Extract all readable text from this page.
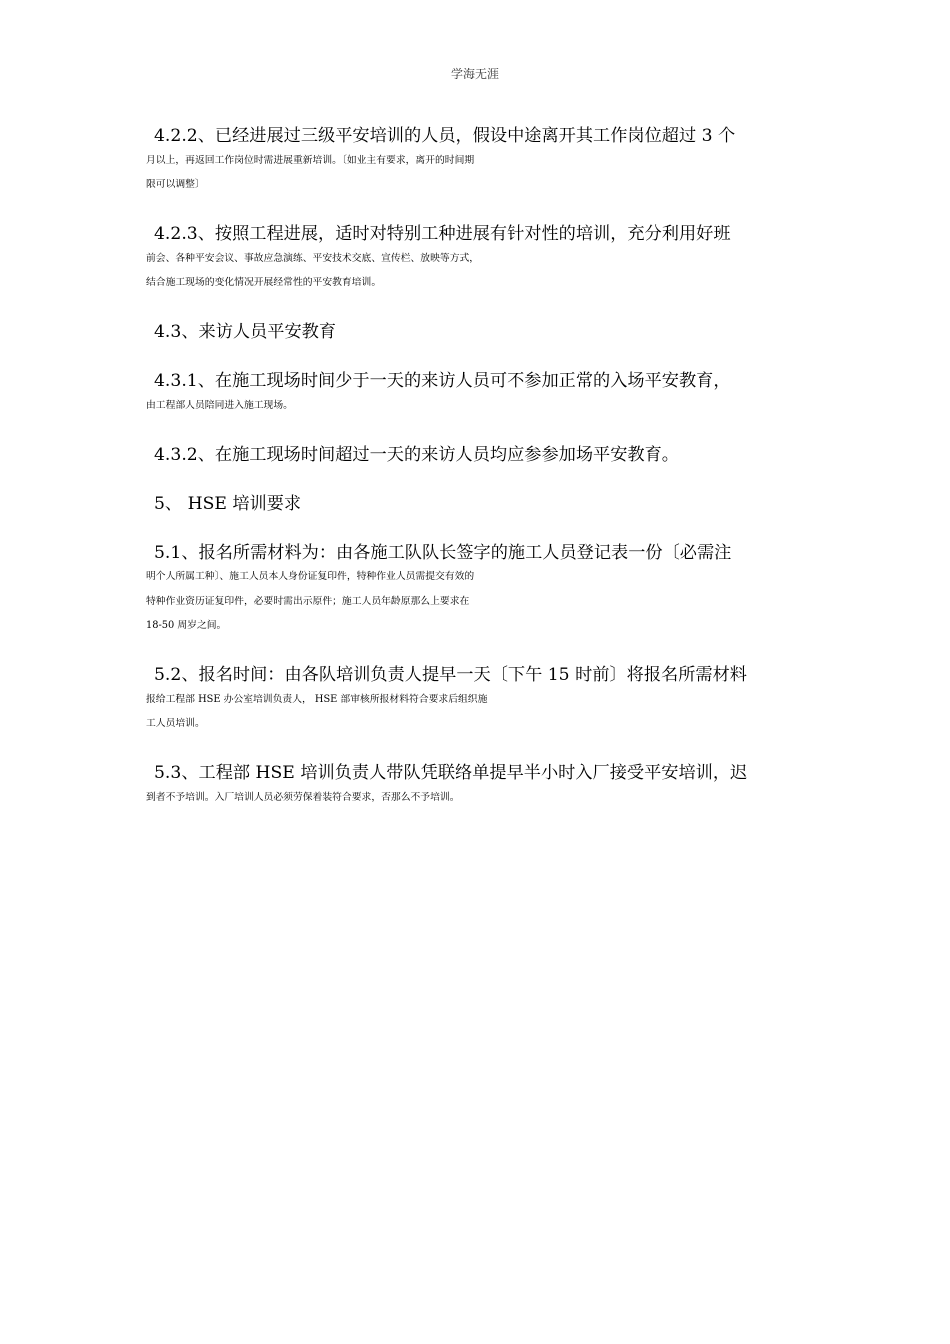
学海无涯
4.2.2、已经进展过三级平安培训的人员，假设中途离开其工作岗位超过 3 个
月以上，再返回工作岗位时需进展重新培训。〔如业主有要求，离开的时间期
限可以调整〕
4.2.3、按照工程进展，适时对特别工种进展有针对性的培训，充分利用好班
前会、各种平安会议、事故应急演练、平安技术交底、宣传栏、放映等方式，
结合施工现场的变化情况开展经常性的平安教育培训。
4.3、来访人员平安教育
4.3.1、在施工现场时间少于一天的来访人员可不参加正常的入场平安教育，
由工程部人员陪同进入施工现场。
4.3.2、在施工现场时间超过一天的来访人员均应参参加场平安教育。
5、 HSE 培训要求
5.1、报名所需材料为：由各施工队队长签字的施工人员登记表一份〔必需注
明个人所属工种〕、施工人员本人身份证复印件，特种作业人员需提交有效的
特种作业资历证复印件，必要时需出示原件；施工人员年龄原那么上要求在
18-50 周岁之间。
5.2、报名时间：由各队培训负责人提早一天〔下午 15 时前〕将报名所需材料
报给工程部 HSE 办公室培训负责人， HSE 部审核所报材料符合要求后组织施
工人员培训。
5.3、工程部 HSE 培训负责人带队凭联络单提早半小时入厂接受平安培训，迟
到者不予培训。入厂培训人员必须劳保着装符合要求，否那么不予培训。
